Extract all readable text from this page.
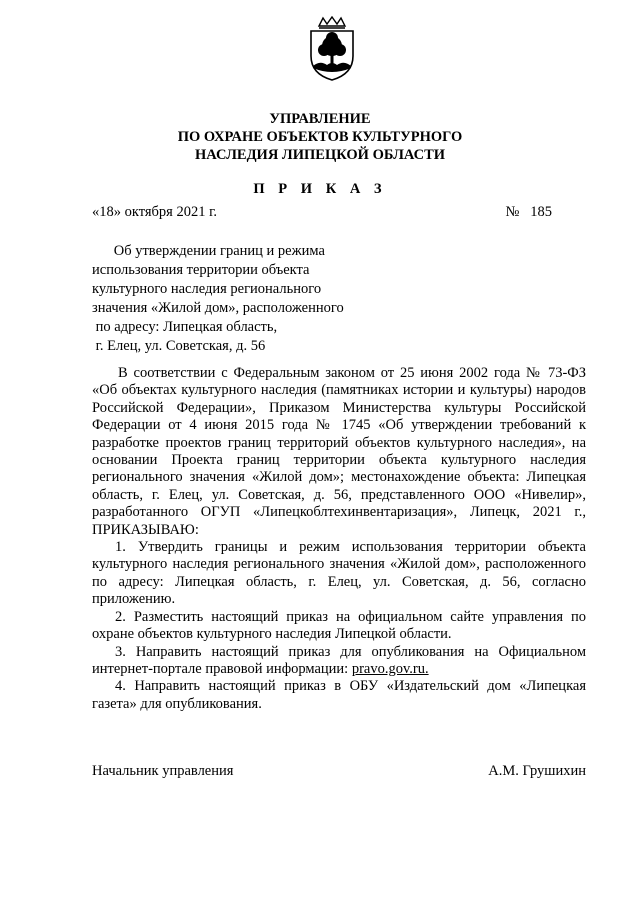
УПРАВЛЕНИЕ
ПО ОХРАНЕ ОБЪЕКТОВ КУЛЬТУРНОГО
НАСЛЕДИЯ ЛИПЕЦКОЙ ОБЛАСТИ
П Р И К А З
«18» октября 2021 г.	№   185
Об утверждении границ и режима
использования территории объекта
культурного наследия регионального
значения «Жилой дом», расположенного
по адресу: Липецкая область,
г. Елец, ул. Советская, д. 56

В соответствии с Федеральным законом от 25 июня 2002 года № 73-ФЗ «Об объектах культурного наследия (памятниках истории и культуры) народов Российской Федерации», Приказом Министерства культуры Российской Федерации от 4 июня 2015 года № 1745 «Об утверждении требований к разработке проектов границ территорий объектов культурного наследия», на основании Проекта границ территории объекта культурного наследия регионального значения «Жилой дом»; местонахождение объекта: Липецкая область, г. Елец, ул. Советская, д. 56, представленного ООО «Нивелир», разработанного ОГУП «Липецкоблтехинвентаризация», Липецк, 2021 г., ПРИКАЗЫВАЮ:

1. Утвердить границы и режим использования территории объекта культурного наследия регионального значения «Жилой дом», расположенного по адресу: Липецкая область, г. Елец, ул. Советская, д. 56, согласно приложению.

2. Разместить настоящий приказ на официальном сайте управления по охране объектов культурного наследия Липецкой области.

3. Направить настоящий приказ для опубликования на Официальном интернет-портале правовой информации: pravo.gov.ru.

4. Направить настоящий приказ в ОБУ «Издательский дом «Липецкая газета» для опубликования.

Начальник управления	А.М. Грушихин
